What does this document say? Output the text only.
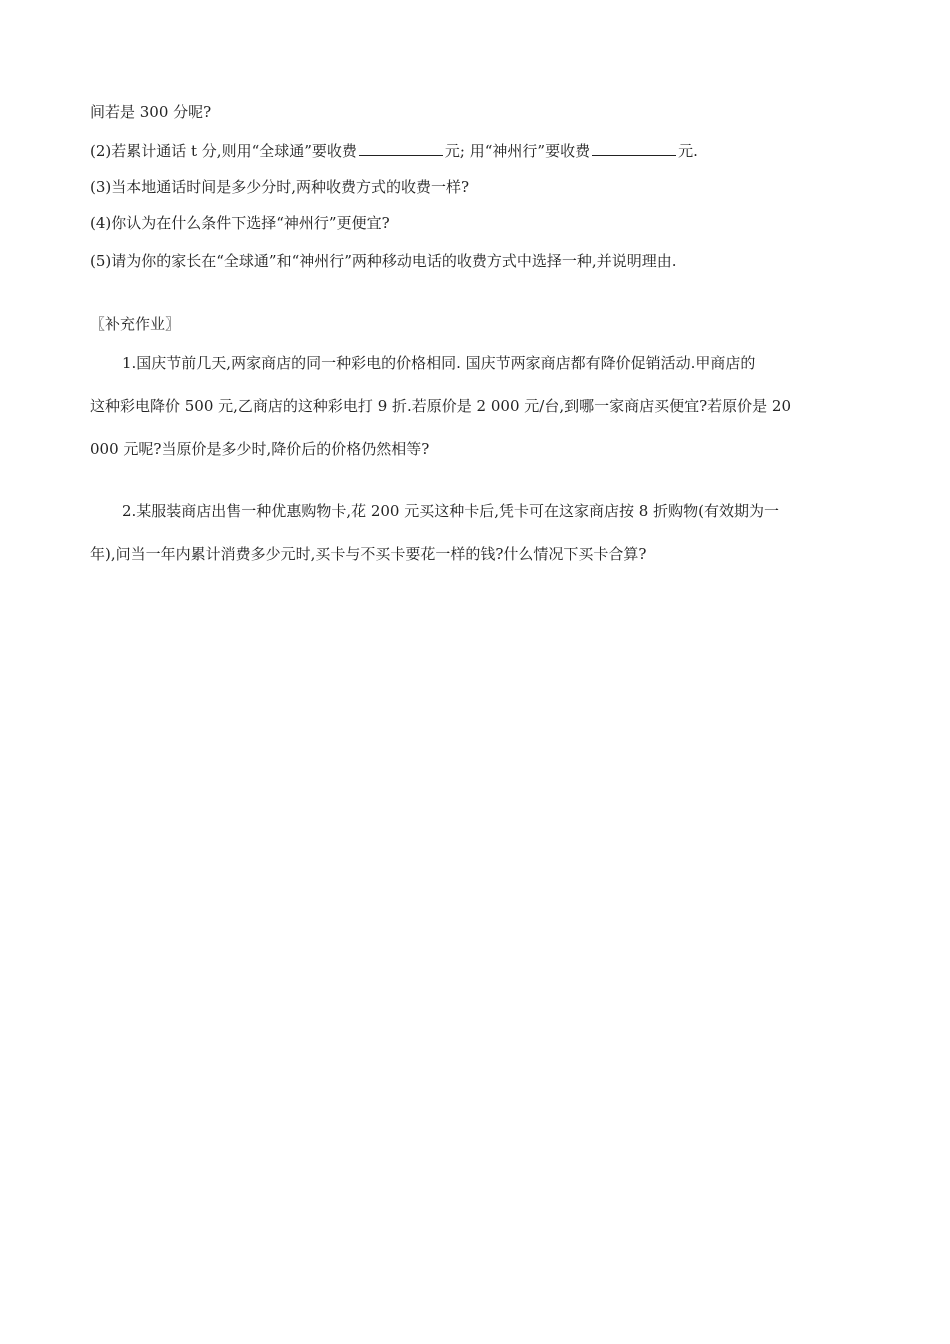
间若是 300 分呢?
(2)若累计通话 t 分,则用“全球通”要收费	元; 用“神州行”要收费	元.
(3)当本地通话时间是多少分时,两种收费方式的收费一样?
(4)你认为在什么条件下选择“神州行”更便宜?
(5)请为你的家长在“全球通”和“神州行”两种移动电话的收费方式中选择一种,并说明理由.
〖补充作业〗
1.国庆节前几天,两家商店的同一种彩电的价格相同. 国庆节两家商店都有降价促销活动.甲商店的
这种彩电降价 500 元,乙商店的这种彩电打 9 折.若原价是 2 000 元/台,到哪一家商店买便宜?若原价是 20
000 元呢?当原价是多少时,降价后的价格仍然相等?
2.某服装商店出售一种优惠购物卡,花 200 元买这种卡后,凭卡可在这家商店按 8 折购物(有效期为一
年),问当一年内累计消费多少元时,买卡与不买卡要花一样的钱?什么情况下买卡合算?
